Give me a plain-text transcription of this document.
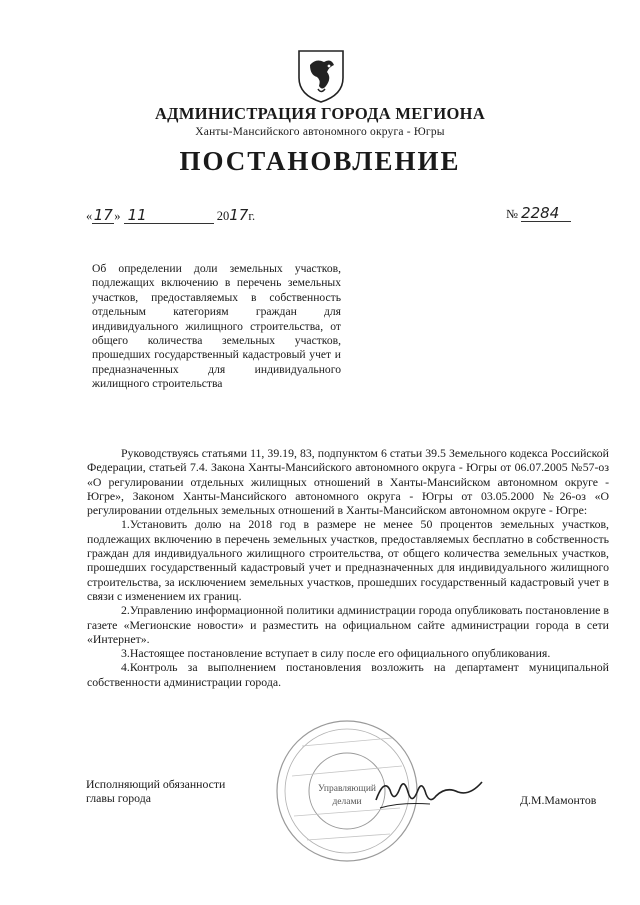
АДМИНИСТРАЦИЯ ГОРОДА МЕГИОНА
Ханты-Мансийского автономного округа - Югры
ПОСТАНОВЛЕНИЕ
«17» 11	2017г.	№ 2284
Об определении доли земельных участков, подлежащих включению в перечень земельных участков, предоставляемых в собственность отдельным категориям граждан для индивидуального жилищного строительства, от общего количества земельных участков, прошедших государственный кадастровый учет и предназначенных для индивидуального жилищного строительства

Руководствуясь статьями 11, 39.19, 83, подпунктом 6 статьи 39.5 Земельного кодекса Российской Федерации, статьей 7.4. Закона Ханты-Мансийского автономного округа - Югры от 06.07.2005 №57-оз «О регулировании отдельных жилищных отношений в Ханты-Мансийском автономном округе - Югре», Законом Ханты-Мансийского автономного округа - Югры от 03.05.2000 №26-оз «О регулировании отдельных земельных отношений в Ханты-Мансийском автономном округе - Югре:

1.Установить долю на 2018 год в размере не менее 50 процентов земельных участков, подлежащих включению в перечень земельных участков, предоставляемых бесплатно в собственность граждан для индивидуального жилищного строительства, от общего количества земельных участков, прошедших государственный кадастровый учет и предназначенных для индивидуального жилищного строительства, за исключением земельных участков, прошедших государственный кадастровый учет в связи с изменением их границ.

2.Управлению информационной политики администрации города опубликовать постановление в газете «Мегионские новости» и разместить на официальном сайте администрации города в сети «Интернет».

3.Настоящее постановление вступает в силу после его официального опубликования.

4.Контроль за выполнением постановления возложить на департамент муниципальной собственности администрации города.

Управляющий
делами
Исполняющий обязанности
главы города	Д.М.Мамонтов
